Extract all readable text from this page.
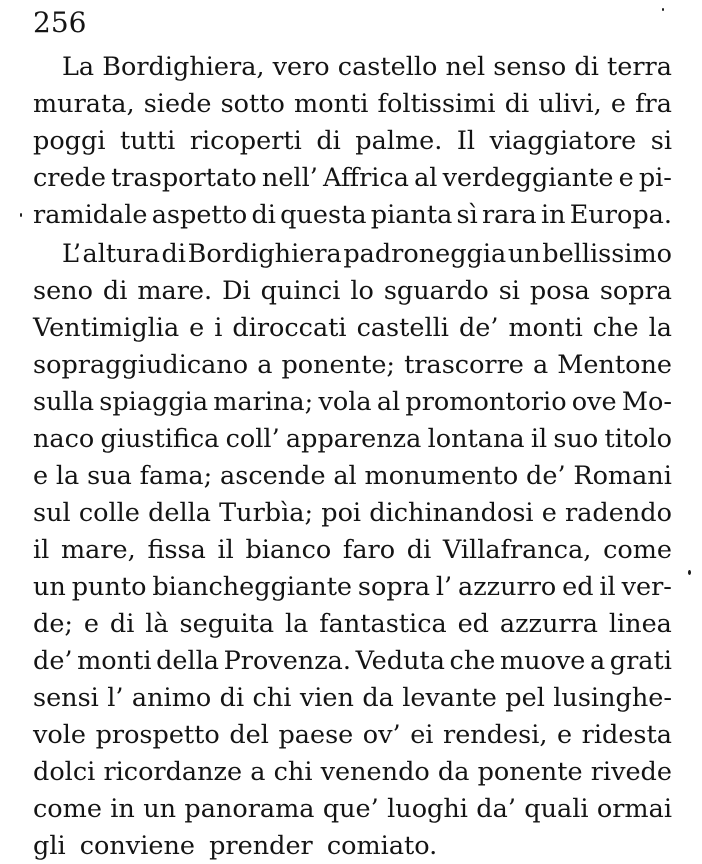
256
La Bordighiera, vero castello nel senso di terra
murata, siede sotto monti foltissimi di ulivi, e fra
poggi tutti ricoperti di palme. Il viaggiatore si
crede trasportato nell’ Affrica al verdeggiante e pi-
ramidale aspetto di questa pianta sì rara in Europa.
L’ altura di Bordighiera padroneggia un bellissimo
seno di mare. Di quinci lo sguardo si posa sopra
Ventimiglia e i diroccati castelli de’ monti che la
sopraggiudicano a ponente; trascorre a Mentone
sulla spiaggia marina; vola al promontorio ove Mo-
naco giustifica coll’ apparenza lontana il suo titolo
e la sua fama; ascende al monumento de’ Romani
sul colle della Turbìa; poi dichinandosi e radendo
il mare, fissa il bianco faro di Villafranca, come
un punto biancheggiante sopra l’ azzurro ed il ver-
de; e di là seguita la fantastica ed azzurra linea
de’ monti della Provenza. Veduta che muove a grati
sensi l’ animo di chi vien da levante pel lusinghe-
vole prospetto del paese ov’ ei rendesi, e ridesta
dolci ricordanze a chi venendo da ponente rivede
come in un panorama que’ luoghi da’ quali ormai
gli conviene prender comiato.
